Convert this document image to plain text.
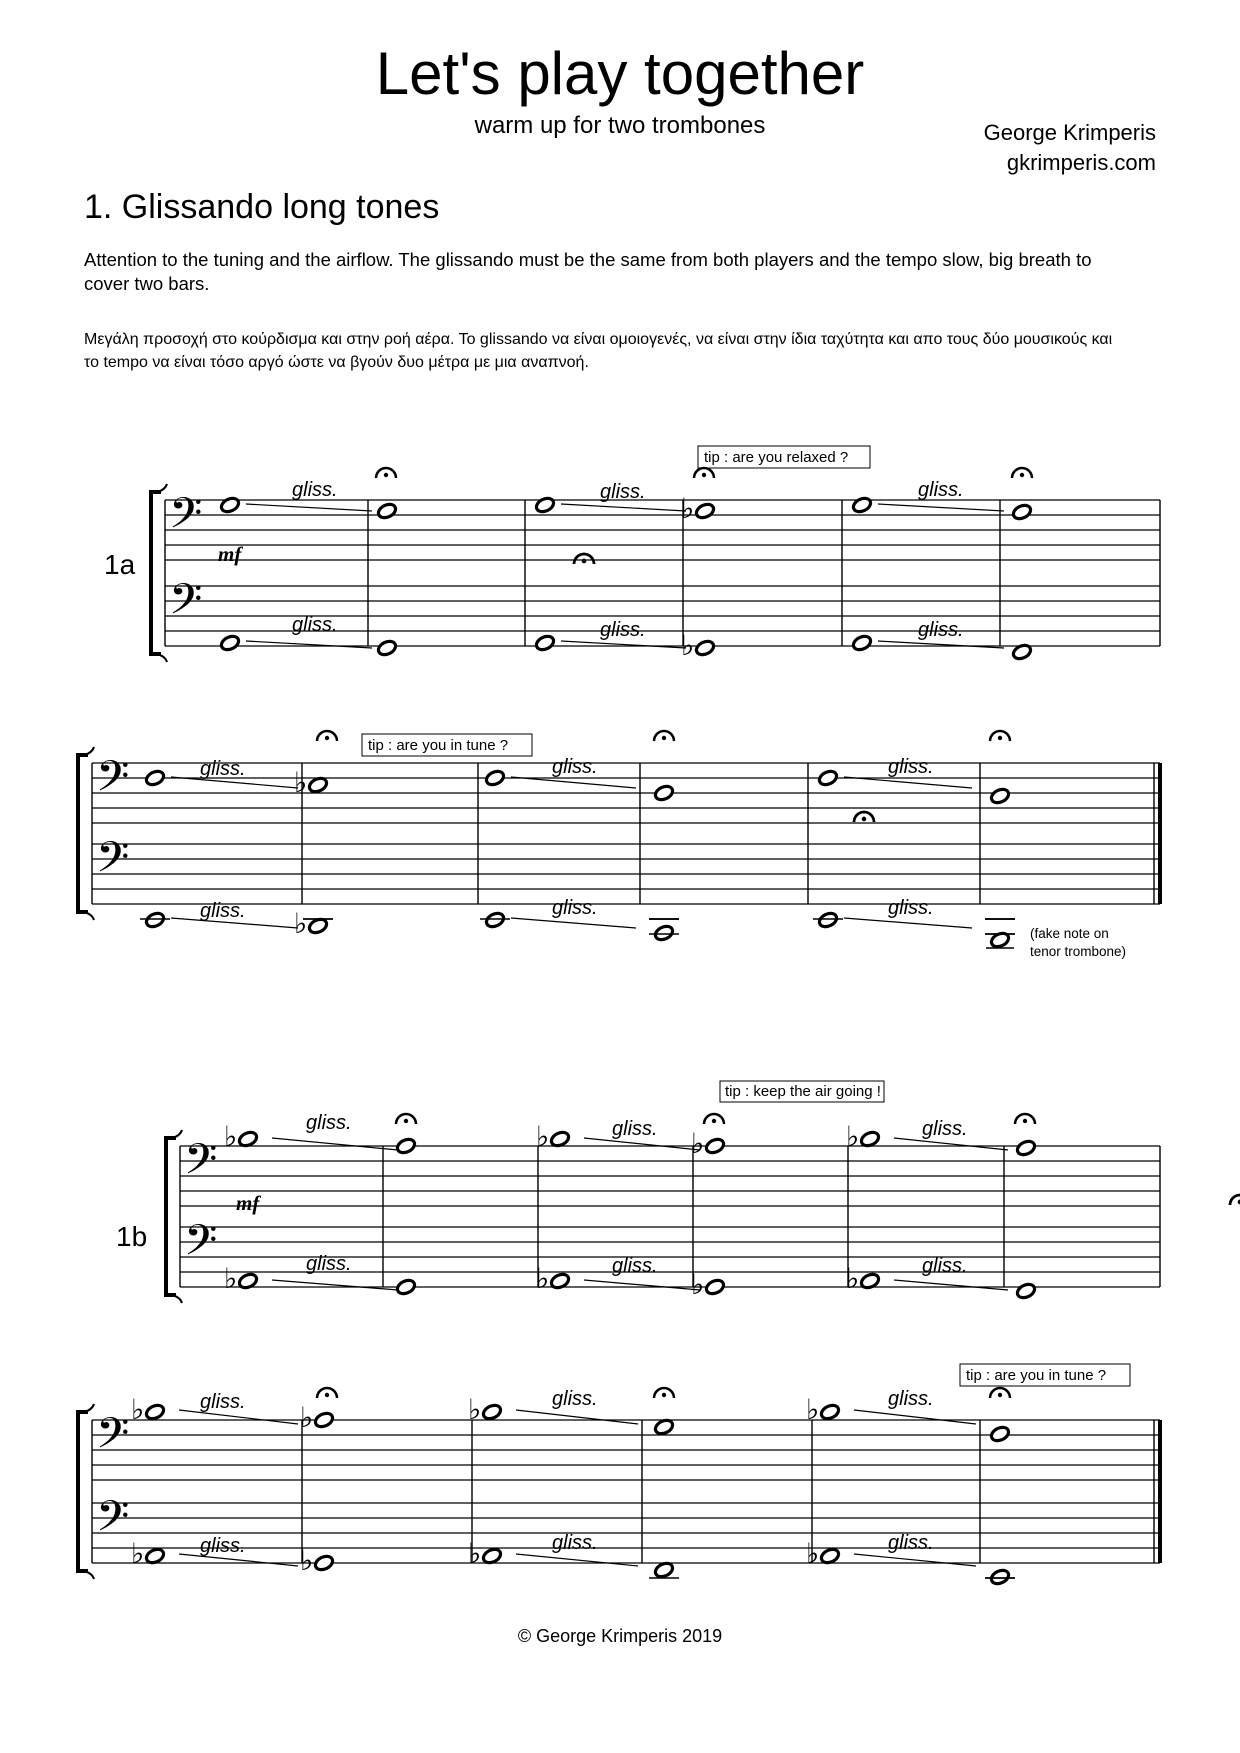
Let's play together
warm up for two trombones	George Krimperis
gkrimperis.com
1. Glissando long tones
Attention to the tuning and the airflow. The glissando must be the same from both players and the tempo slow, big breath to cover two bars.
Μεγάλη προσοχή στο κούρδισμα και στην ροή αέρα. Το glissando να είναι ομοιογενές, να είναι στην ίδια ταχύτητα και απο τους δύο μουσικούς και το tempo να είναι τόσο αργό ώστε να βγούν δυο μέτρα με μια αναπνοή.
𝄢
𝄢
gliss.
gliss.
gliss.
gliss.
♭
♭
gliss.
gliss.
𝄢
𝄢
gliss.
gliss.
♭
♭
gliss.
gliss.
gliss.
gliss.
𝄢
𝄢
♭
♭
gliss.
gliss.
♭
♭
gliss.
gliss.
♭
♭
♭
♭
gliss.
gliss.
𝄢
𝄢
♭
♭
gliss.
gliss.
♭
♭
♭
♭
gliss.
gliss.
♭
♭
gliss.
gliss.
1a
1b
mf
mf
tip : are you relaxed ?
tip : are you in tune ?
tip : keep the air going !
tip : are you in tune ?
(fake note on
tenor trombone)
© George Krimperis 2019
